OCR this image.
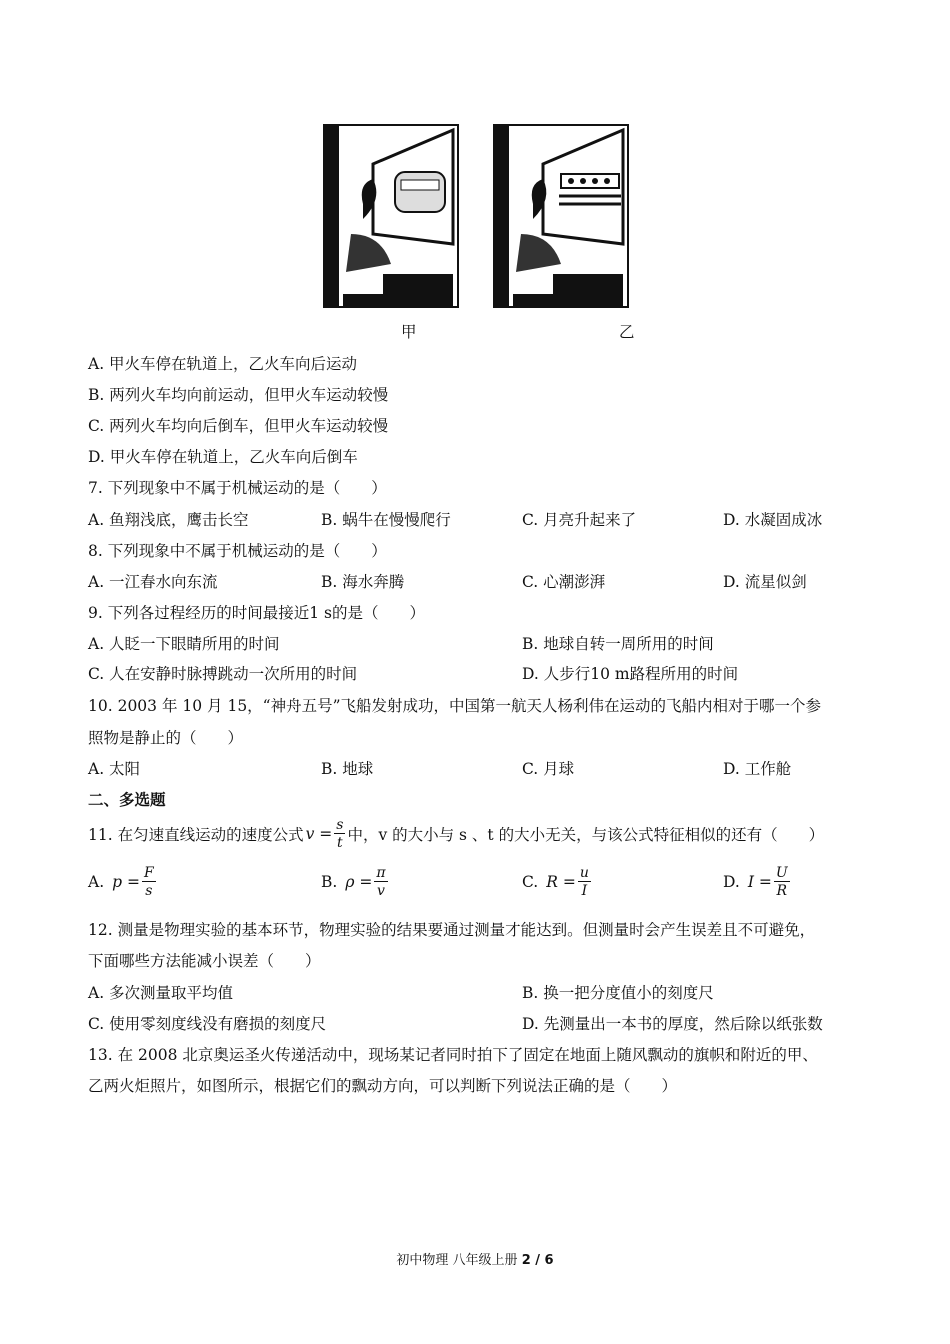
甲	乙
A. 甲火车停在轨道上，乙火车向后运动
B. 两列火车均向前运动，但甲火车运动较慢
C. 两列火车均向后倒车，但甲火车运动较慢
D. 甲火车停在轨道上，乙火车向后倒车
7. 下列现象中不属于机械运动的是（　　）
A. 鱼翔浅底，鹰击长空	B. 蜗牛在慢慢爬行	C. 月亮升起来了	D. 水凝固成冰
8. 下列现象中不属于机械运动的是（　　）
A. 一江春水向东流	B. 海水奔腾	C. 心潮澎湃	D. 流星似剑
9. 下列各过程经历的时间最接近1 s的是（　　）
A. 人眨一下眼睛所用的时间	B. 地球自转一周所用的时间
C. 人在安静时脉搏跳动一次所用的时间	D. 人步行10 m路程所用的时间
10. 2003 年 10 月 15，“神舟五号”飞船发射成功，中国第一航天人杨利伟在运动的飞船内相对于哪一个参
照物是静止的（　　）
A. 太阳	B. 地球	C. 月球	D. 工作舱
二、多选题
11. 在匀速直线运动的速度公式 $v = \frac{s}{t}$ 中，v 的大小与 s 、t 的大小无关，与该公式特征相似的还有（　　）
A. $p = \frac{F}{s}$	B. $\rho = \frac{\pi}{v}$	C. $R = \frac{u}{I}$	D. $I = \frac{U}{R}$
12. 测量是物理实验的基本环节，物理实验的结果要通过测量才能达到。但测量时会产生误差且不可避免，
下面哪些方法能减小误差（　　）
A. 多次测量取平均值	B. 换一把分度值小的刻度尺
C. 使用零刻度线没有磨损的刻度尺	D. 先测量出一本书的厚度，然后除以纸张数
13. 在 2008 北京奥运圣火传递活动中，现场某记者同时拍下了固定在地面上随风飘动的旗帜和附近的甲、
乙两火炬照片，如图所示，根据它们的飘动方向，可以判断下列说法正确的是（　　）
初中物理 八年级上册 2 / 6
